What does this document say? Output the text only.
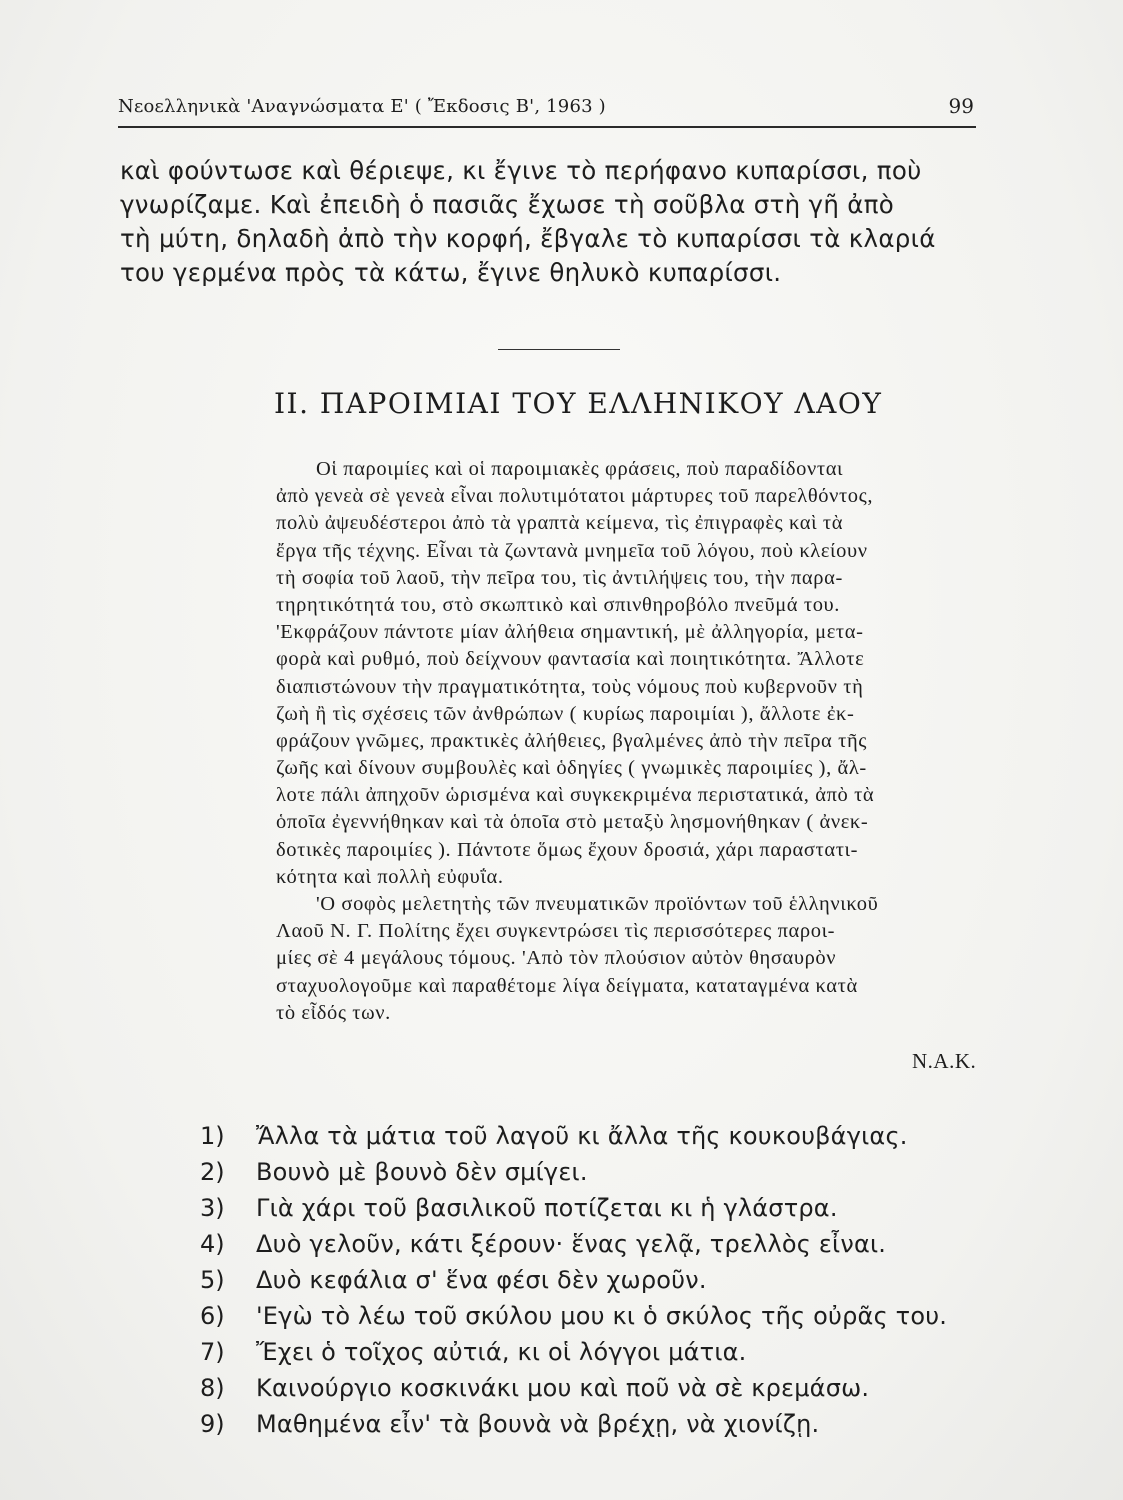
Νεοελληνικὰ 'Αναγνώσματα Ε' ( Ἔκδοσις Β', 1963 )	99
καὶ φούντωσε καὶ θέριεψε, κι ἔγινε τὸ περήφανο κυπαρίσσι, ποὺ
γνωρίζαμε. Καὶ ἐπειδὴ ὁ πασιᾶς ἔχωσε τὴ σοῦβλα στὴ γῆ ἀπὸ
τὴ μύτη, δηλαδὴ ἀπὸ τὴν κορφή, ἔβγαλε τὸ κυπαρίσσι τὰ κλαριά
του γερμένα πρὸς τὰ κάτω, ἔγινε θηλυκὸ κυπαρίσσι.
ΙΙ. ΠΑΡΟΙΜΙΑΙ ΤΟΥ ΕΛΛΗΝΙΚΟΥ ΛΑΟΥ
Οἱ παροιμίες καὶ οἱ παροιμιακὲς φράσεις, ποὺ παραδίδονται
ἀπὸ γενεὰ σὲ γενεὰ εἶναι πολυτιμότατοι μάρτυρες τοῦ παρελθόντος,
πολὺ ἀψευδέστεροι ἀπὸ τὰ γραπτὰ κείμενα, τὶς ἐπιγραφὲς καὶ τὰ
ἔργα τῆς τέχνης. Εἶναι τὰ ζωντανὰ μνημεῖα τοῦ λόγου, ποὺ κλείουν
τὴ σοφία τοῦ λαοῦ, τὴν πεῖρα του, τὶς ἀντιλήψεις του, τὴν παρα-
τηρητικότητά του, στὸ σκωπτικὸ καὶ σπινθηροβόλο πνεῦμά του.
'Εκφράζουν πάντοτε μίαν ἀλήθεια σημαντική, μὲ ἀλληγορία, μετα-
φορὰ καὶ ρυθμό, ποὺ δείχνουν φαντασία καὶ ποιητικότητα. Ἄλλοτε
διαπιστώνουν τὴν πραγματικότητα, τοὺς νόμους ποὺ κυβερνοῦν τὴ
ζωὴ ἢ τὶς σχέσεις τῶν ἀνθρώπων ( κυρίως παροιμίαι ), ἄλλοτε ἐκ-
φράζουν γνῶμες, πρακτικὲς ἀλήθειες, βγαλμένες ἀπὸ τὴν πεῖρα τῆς
ζωῆς καὶ δίνουν συμβουλὲς καὶ ὁδηγίες ( γνωμικὲς παροιμίες ), ἄλ-
λοτε πάλι ἀπηχοῦν ὡρισμένα καὶ συγκεκριμένα περιστατικά, ἀπὸ τὰ
ὁποῖα ἐγεννήθηκαν καὶ τὰ ὁποῖα στὸ μεταξὺ λησμονήθηκαν ( ἀνεκ-
δοτικὲς παροιμίες ). Πάντοτε ὅμως ἔχουν δροσιά, χάρι παραστατι-
κότητα καὶ πολλὴ εὐφυΐα.
'Ο σοφὸς μελετητὴς τῶν πνευματικῶν προϊόντων τοῦ ἑλληνικοῦ
Λαοῦ Ν. Γ. Πολίτης ἔχει συγκεντρώσει τὶς περισσότερες παροι-
μίες σὲ 4 μεγάλους τόμους. 'Απὸ τὸν πλούσιον αὐτὸν θησαυρὸν
σταχυολογοῦμε καὶ παραθέτομε λίγα δείγματα, καταταγμένα κατὰ
τὸ εἶδός των.
Ν.Α.Κ.
1) Ἄλλα τὰ μάτια τοῦ λαγοῦ κι ἄλλα τῆς κουκουβάγιας.
2) Βουνὸ μὲ βουνὸ δὲν σμίγει.
3) Γιὰ χάρι τοῦ βασιλικοῦ ποτίζεται κι ἡ γλάστρα.
4) Δυὸ γελοῦν, κάτι ξέρουν· ἕνας γελᾷ, τρελλὸς εἶναι.
5) Δυὸ κεφάλια σ' ἕνα φέσι δὲν χωροῦν.
6) 'Εγὼ τὸ λέω τοῦ σκύλου μου κι ὁ σκύλος τῆς οὐρᾶς του.
7) Ἔχει ὁ τοῖχος αὐτιά, κι οἱ λόγγοι μάτια.
8) Καινούργιο κοσκινάκι μου καὶ ποῦ νὰ σὲ κρεμάσω.
9) Μαθημένα εἶν' τὰ βουνὰ νὰ βρέχῃ, νὰ χιονίζῃ.
